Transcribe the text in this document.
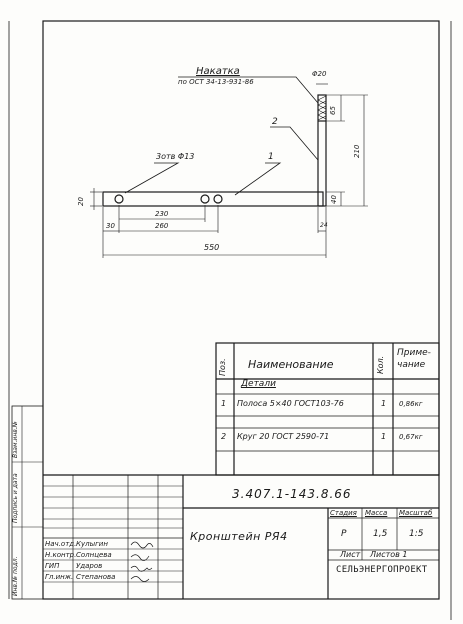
Накатка
по ОСТ 34-13-931-86
Φ20
3отв Φ13	1
2
20
230
260
30
550
24
65
210
40
Поз. Наименование	Кол.
Приме-
чание
Детали
1 Полоса 5×40 ГОСТ103-76	1 0,86кг
2 Круг 20 ГОСТ 2590-71	1 0,67кг
3.407.1-143.8.66
Кронштейн РЯ4
Стадия Масса Масштаб
Р	1,5 1:5
Лист Листов 1
СЕЛЬЭНЕРГОПРОЕКТ
Нач.отд. Кулыгин
Н.контр. Солнцева
ГИП Удаpов
Гл.инж. Степанова
Инв.№ подл.
Подпись и дата
Взам.инв.№
